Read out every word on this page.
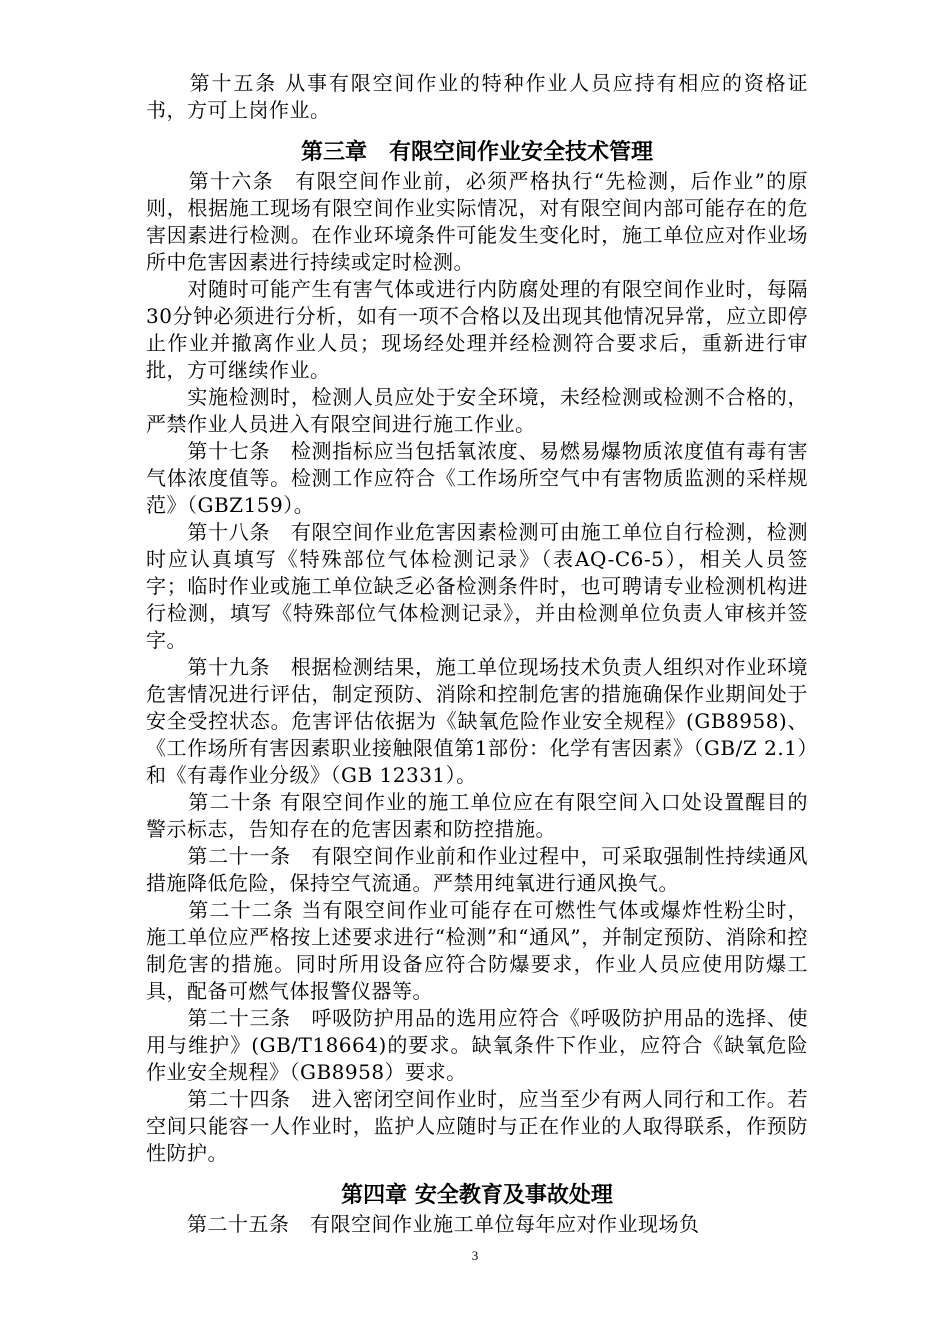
　　第十五条 从事有限空间作业的特种作业人员应持有相应的资格证书，方可上岗作业。

第三章　有限空间作业安全技术管理

　　第十六条　有限空间作业前，必须严格执行“先检测，后作业”的原则，根据施工现场有限空间作业实际情况，对有限空间内部可能存在的危害因素进行检测。在作业环境条件可能发生变化时，施工单位应对作业场所中危害因素进行持续或定时检测。

　　对随时可能产生有害气体或进行内防腐处理的有限空间作业时，每隔30分钟必须进行分析，如有一项不合格以及出现其他情况异常，应立即停止作业并撤离作业人员；现场经处理并经检测符合要求后，重新进行审批，方可继续作业。

　　实施检测时，检测人员应处于安全环境，未经检测或检测不合格的，严禁作业人员进入有限空间进行施工作业。

　　第十七条　检测指标应当包括氧浓度、易燃易爆物质浓度值有毒有害气体浓度值等。检测工作应符合《工作场所空气中有害物质监测的采样规范》（GBZ159）。

　　第十八条　有限空间作业危害因素检测可由施工单位自行检测，检测时应认真填写《特殊部位气体检测记录》（表AQ-C6-5），相关人员签字；临时作业或施工单位缺乏必备检测条件时，也可聘请专业检测机构进行检测，填写《特殊部位气体检测记录》，并由检测单位负责人审核并签字。

　　第十九条　根据检测结果，施工单位现场技术负责人组织对作业环境危害情况进行评估，制定预防、消除和控制危害的措施确保作业期间处于安全受控状态。危害评估依据为《缺氧危险作业安全规程》(GB8958)、《工作场所有害因素职业接触限值第1部份：化学有害因素》（GB/Z 2.1）和《有毒作业分级》（GB 12331）。

　　第二十条 有限空间作业的施工单位应在有限空间入口处设置醒目的警示标志，告知存在的危害因素和防控措施。

　　第二十一条　有限空间作业前和作业过程中，可采取强制性持续通风措施降低危险，保持空气流通。严禁用纯氧进行通风换气。

　　第二十二条 当有限空间作业可能存在可燃性气体或爆炸性粉尘时，施工单位应严格按上述要求进行“检测”和“通风”，并制定预防、消除和控制危害的措施。同时所用设备应符合防爆要求，作业人员应使用防爆工具，配备可燃气体报警仪器等。

　　第二十三条　呼吸防护用品的选用应符合《呼吸防护用品的选择、使用与维护》(GB/T18664)的要求。缺氧条件下作业，应符合《缺氧危险作业安全规程》（GB8958）要求。

　　第二十四条　进入密闭空间作业时，应当至少有两人同行和工作。若空间只能容一人作业时，监护人应随时与正在作业的人取得联系，作预防性防护。

第四章 安全教育及事故处理

　　第二十五条　有限空间作业施工单位每年应对作业现场负

3
